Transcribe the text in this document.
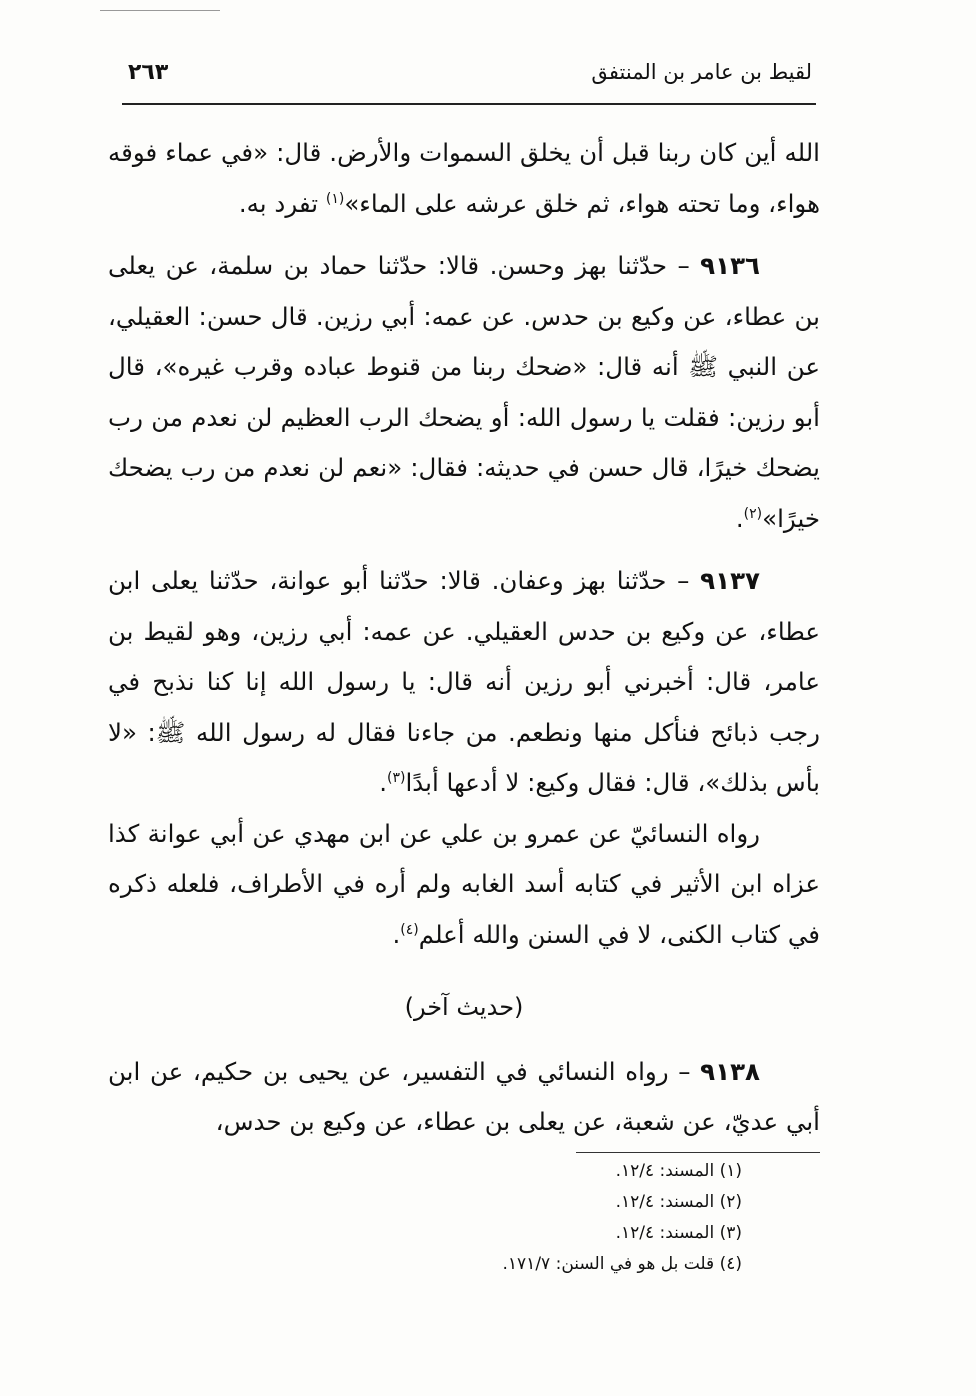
لقيط بن عامر بن المنتفق
٢٦٣

الله أين كان ربنا قبل أن يخلق السموات والأرض. قال: «في عماء فوقه هواء، وما تحته هواء، ثم خلق عرشه على الماء»$^{(١)}$ تفرد به.

٩١٣٦ – حدّثنا بهز وحسن. قالا: حدّثنا حماد بن سلمة، عن يعلى بن عطاء، عن وكيع بن حدس. عن عمه: أبي رزين. قال حسن: العقيلي، عن النبي ﷺ أنه قال: «ضحك ربنا من قنوط عباده وقرب غيره»، قال أبو رزين: فقلت يا رسول الله: أو يضحك الرب العظيم لن نعدم من رب يضحك خيرًا، قال حسن في حديثه: فقال: «نعم لن نعدم من رب يضحك خيرًا»$^{(٢)}$.

٩١٣٧ – حدّثنا بهز وعفان. قالا: حدّثنا أبو عوانة، حدّثنا يعلى ابن عطاء، عن وكيع بن حدس العقيلي. عن عمه: أبي رزين، وهو لقيط بن عامر، قال: أخبرني أبو رزين أنه قال: يا رسول الله إنا كنا نذبح في رجب ذبائح فنأكل منها ونطعم. من جاءنا فقال له رسول الله ﷺ: «لا بأس بذلك»، قال: فقال وكيع: لا أدعها أبدًا$^{(٣)}$.

رواه النسائيّ عن عمرو بن علي عن ابن مهدي عن أبي عوانة كذا عزاه ابن الأثير في كتابه أسد الغابه ولم أره في الأطراف، فلعله ذكره في كتاب الكنى، لا في السنن والله أعلم$^{(٤)}$.

(حديث آخر)

٩١٣٨ – رواه النسائي في التفسير، عن يحيى بن حكيم، عن ابن أبي عديّ، عن شعبة، عن يعلى بن عطاء، عن وكيع بن حدس،

(١) المسند: ١٢/٤.
(٢) المسند: ١٢/٤.
(٣) المسند: ١٢/٤.
(٤) قلت بل هو في السنن: ١٧١/٧.
